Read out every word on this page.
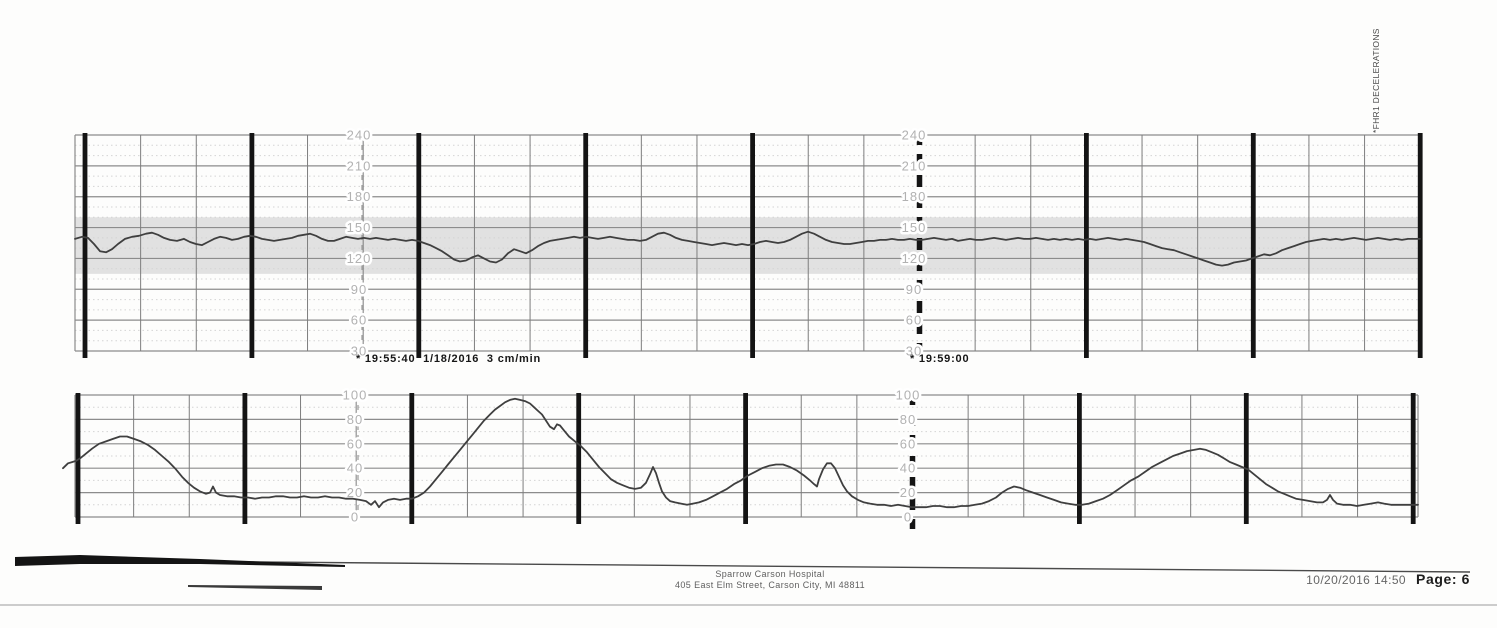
240
210
180
150
120
90
60
30
240
210
180
150
120
90
60
30
100
80
60
40
20
0
100
80
60
40
20
0
*FHR1 DECELERATIONS
* 19:55:40  1/18/2016  3 cm/min	* 19:59:00
Sparrow Carson Hospital
405 East Elm Street, Carson City, MI 48811	10/20/2016 14:50 Page: 6
